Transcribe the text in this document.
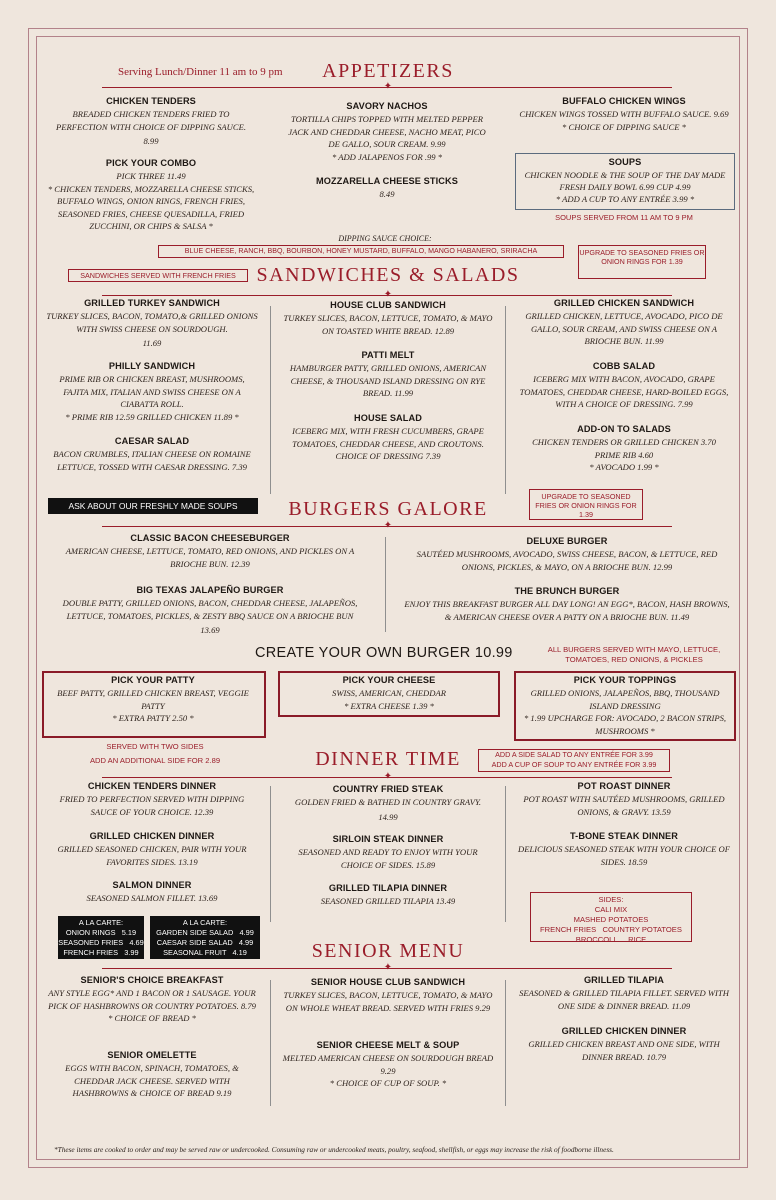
Serving Lunch/Dinner 11 am to 9 pm	APPETIZERS
✦
CHICKEN TENDERS

BREADED CHICKEN TENDERS FRIED TO PERFECTION WITH CHOICE OF DIPPING SAUCE.

8.99

PICK YOUR COMBO

PICK THREE 11.49

* CHICKEN TENDERS, MOZZARELLA CHEESE STICKS, BUFFALO WINGS, ONION RINGS, FRENCH FRIES, SEASONED FRIES, CHEESE QUESADILLA, FRIED ZUCCHINI, OR CHIPS & SALSA *

SAVORY NACHOS

TORTILLA CHIPS TOPPED WITH MELTED PEPPER JACK AND CHEDDAR CHEESE, NACHO MEAT, PICO DE GALLO, SOUR CREAM. 9.99

* ADD JALAPENOS FOR .99 *

MOZZARELLA CHEESE STICKS

8.49

BUFFALO CHICKEN WINGS

CHICKEN WINGS TOSSED WITH BUFFALO SAUCE. 9.69

* CHOICE OF DIPPING SAUCE *

SOUPS

CHICKEN NOODLE & THE SOUP OF THE DAY MADE FRESH DAILY BOWL 6.99 CUP 4.99

* ADD A CUP TO ANY ENTRÉE 3.99 *

SOUPS SERVED FROM 11 AM TO 9 PM
DIPPING SAUCE CHOICE:
BLUE CHEESE, RANCH, BBQ, BOURBON, HONEY MUSTARD, BUFFALO, MANGO HABANERO, SRIRACHA	UPGRADE TO SEASONED FRIES OR ONION RINGS FOR 1.39
SANDWICHES SERVED WITH FRENCH FRIES	SANDWICHES & SALADS
✦
GRILLED TURKEY SANDWICH

TURKEY SLICES, BACON, TOMATO,& GRILLED ONIONS WITH SWISS CHEESE ON SOURDOUGH.

11.69

PHILLY SANDWICH

PRIME RIB OR CHICKEN BREAST, MUSHROOMS, FAJITA MIX, ITALIAN AND SWISS CHEESE ON A CIABATTA ROLL.

* PRIME RIB 12.59 GRILLED CHICKEN 11.89 *

CAESAR SALAD

BACON CRUMBLES, ITALIAN CHEESE ON ROMAINE LETTUCE, TOSSED WITH CAESAR DRESSING. 7.39

HOUSE CLUB SANDWICH

TURKEY SLICES, BACON, LETTUCE, TOMATO, & MAYO ON TOASTED WHITE BREAD. 12.89

PATTI MELT

HAMBURGER PATTY, GRILLED ONIONS, AMERICAN CHEESE, & THOUSAND ISLAND DRESSING ON RYE BREAD. 11.99

HOUSE SALAD

ICEBERG MIX, WITH FRESH CUCUMBERS, GRAPE TOMATOES, CHEDDAR CHEESE, AND CROUTONS. CHOICE OF DRESSING 7.39

GRILLED CHICKEN SANDWICH

GRILLED CHICKEN, LETTUCE, AVOCADO, PICO DE GALLO, SOUR CREAM, AND SWISS CHEESE ON A BRIOCHE BUN. 11.99

COBB SALAD

ICEBERG MIX WITH BACON, AVOCADO, GRAPE TOMATOES, CHEDDAR CHEESE, HARD-BOILED EGGS, WITH A CHOICE OF DRESSING. 7.99

ADD-ON TO SALADS

CHICKEN TENDERS OR GRILLED CHICKEN 3.70

PRIME RIB 4.60

* AVOCADO 1.99 *

ASK ABOUT OUR FRESHLY MADE SOUPS	BURGERS GALORE
UPGRADE TO SEASONED FRIES OR ONION RINGS FOR 1.39
✦
CLASSIC BACON CHEESEBURGER

AMERICAN CHEESE, LETTUCE, TOMATO, RED ONIONS, AND PICKLES ON A BRIOCHE BUN. 12.39

BIG TEXAS JALAPEÑO BURGER

DOUBLE PATTY, GRILLED ONIONS, BACON, CHEDDAR CHEESE, JALAPEÑOS, LETTUCE, TOMATOES, PICKLES, & ZESTY BBQ SAUCE ON A BRIOCHE BUN

13.69

DELUXE BURGER

SAUTÉED MUSHROOMS, AVOCADO, SWISS CHEESE, BACON, & LETTUCE, RED ONIONS, PICKLES, & MAYO, ON A BRIOCHE BUN. 12.99

THE BRUNCH BURGER

ENJOY THIS BREAKFAST BURGER ALL DAY LONG! AN EGG*, BACON, HASH BROWNS, & AMERICAN CHEESE OVER A PATTY ON A BRIOCHE BUN. 11.49

CREATE YOUR OWN BURGER 10.99	ALL BURGERS SERVED WITH MAYO, LETTUCE, TOMATOES, RED ONIONS, & PICKLES
PICK YOUR PATTY

BEEF PATTY, GRILLED CHICKEN BREAST, VEGGIE PATTY

* EXTRA PATTY 2.50 *

PICK YOUR CHEESE

SWISS, AMERICAN, CHEDDAR

* EXTRA CHEESE 1.39 *

PICK YOUR TOPPINGS

GRILLED ONIONS, JALAPEÑOS, BBQ, THOUSAND ISLAND DRESSING

* 1.99 UPCHARGE FOR: AVOCADO, 2 BACON STRIPS, MUSHROOMS *

SERVED WITH TWO SIDES
ADD AN ADDITIONAL SIDE FOR 2.89	DINNER TIME	ADD A SIDE SALAD TO ANY ENTRÉE FOR 3.99
ADD A CUP OF SOUP TO ANY ENTRÉE FOR 3.99
✦
CHICKEN TENDERS DINNER

FRIED TO PERFECTION SERVED WITH DIPPING SAUCE OF YOUR CHOICE. 12.39

GRILLED CHICKEN DINNER

GRILLED SEASONED CHICKEN, PAIR WITH YOUR FAVORITES SIDES. 13.19

SALMON DINNER

SEASONED SALMON FILLET. 13.69

COUNTRY FRIED STEAK

GOLDEN FRIED & BATHED IN COUNTRY GRAVY.

14.99

SIRLOIN STEAK DINNER

SEASONED AND READY TO ENJOY WITH YOUR CHOICE OF SIDES. 15.89

GRILLED TILAPIA DINNER

SEASONED GRILLED TILAPIA 13.49

POT ROAST DINNER

POT ROAST WITH SAUTÉED MUSHROOMS, GRILLED ONIONS, & GRAVY. 13.59

T-BONE STEAK DINNER

DELICIOUS SEASONED STEAK WITH YOUR CHOICE OF SIDES. 18.59

SIDES:
CALI MIX
MASHED POTATOES
FRENCH FRIES   COUNTRY POTATOES
BROCCOLI      RICE
A LA CARTE:
ONION RINGS   5.19
SEASONED FRIES   4.69
FRENCH FRIES   3.99
A LA CARTE:
GARDEN SIDE SALAD   4.99
CAESAR SIDE SALAD   4.99
SEASONAL FRUIT   4.19	SENIOR MENU
✦
SENIOR'S CHOICE BREAKFAST

ANY STYLE EGG* AND 1 BACON OR 1 SAUSAGE. YOUR PICK OF HASHBROWNS OR COUNTRY POTATOES. 8.79

* CHOICE OF BREAD *

SENIOR OMELETTE

EGGS WITH BACON, SPINACH, TOMATOES, & CHEDDAR JACK CHEESE. SERVED WITH HASHBROWNS & CHOICE OF BREAD 9.19

SENIOR HOUSE CLUB SANDWICH

TURKEY SLICES, BACON, LETTUCE, TOMATO, & MAYO ON WHOLE WHEAT BREAD. SERVED WITH FRIES 9.29

SENIOR CHEESE MELT & SOUP

MELTED AMERICAN CHEESE ON SOURDOUGH BREAD 9.29

* CHOICE OF CUP OF SOUP. *

GRILLED TILAPIA

SEASONED & GRILLED TILAPIA FILLET. SERVED WITH ONE SIDE & DINNER BREAD. 11.09

GRILLED CHICKEN DINNER

GRILLED CHICKEN BREAST AND ONE SIDE, WITH DINNER BREAD. 10.79

*These items are cooked to order and may be served raw or undercooked. Consuming raw or undercooked meats, poultry, seafood, shellfish, or eggs may increase the risk of foodborne illness.
